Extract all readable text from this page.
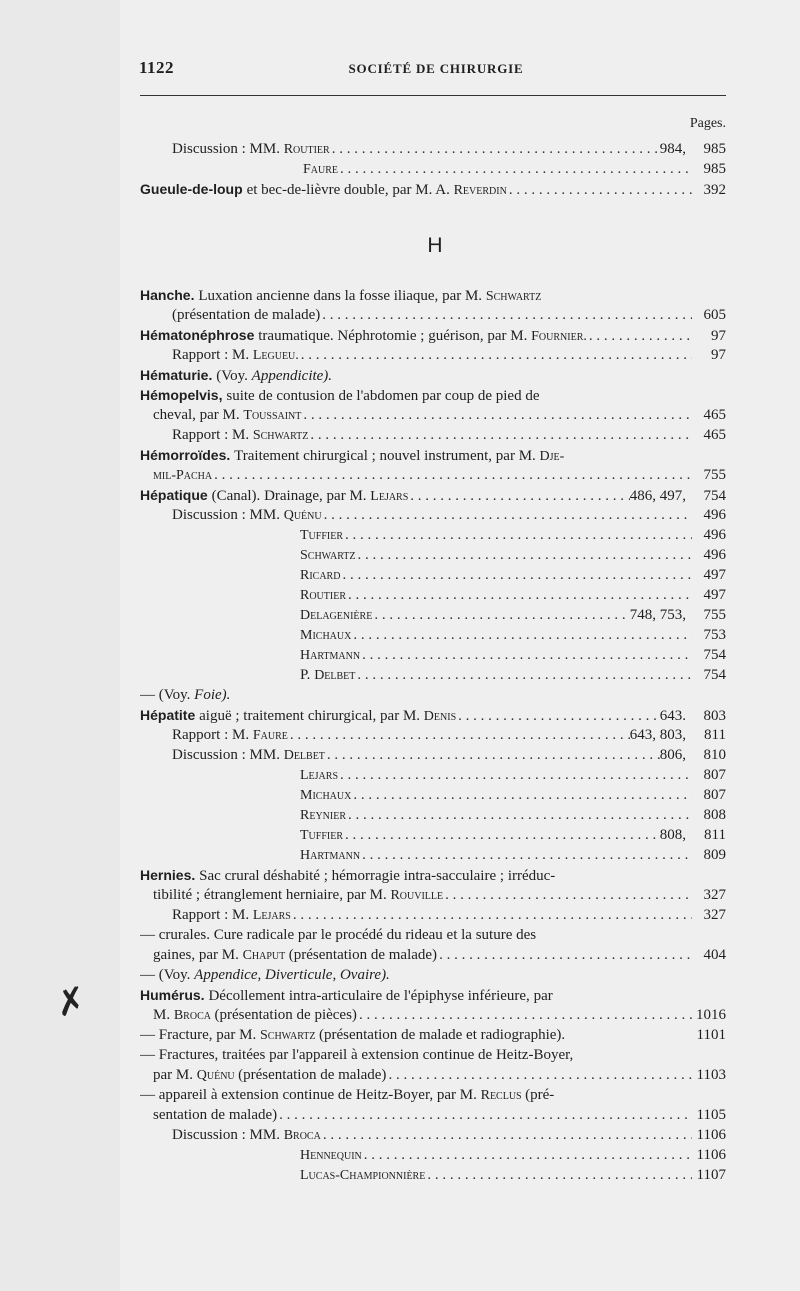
1122	SOCIÉTÉ DE CHIRURGIE
Pages.
H
✗
Discussion : MM. Routier . . .	984,	985
Faure . . .	985
Gueule-de-loup et bec-de-lièvre double, par M. A. Reverdin . . .	392
Hanche. Luxation ancienne dans la fosse iliaque, par M. Schwartz
(présentation de malade) . . .	605
Hématonéphrose traumatique. Néphrotomie ; guérison, par M. Fournier. . . .	97
Rapport : M. Legueu. . . .	97
Hématurie. (Voy. Appendicite).
Hémopelvis, suite de contusion de l'abdomen par coup de pied de
cheval, par M. Toussaint . . .	465
Rapport : M. Schwartz . . .	465
Hémorroïdes. Traitement chirurgical ; nouvel instrument, par M. Dje-
mil-Pacha . . .	755
Hépatique (Canal). Drainage, par M. Lejars . . .	486, 497,	754
Discussion : MM. Quénu . . .	496
Tuffier . . .	496
Schwartz . . .	496
Ricard . . .	497
Routier . . .	497
Delagenière . . .	748, 753,	755
Michaux . . .	753
Hartmann . . .	754
P. Delbet . . .	754
— (Voy. Foie).
Hépatite aiguë ; traitement chirurgical, par M. Denis . . .	643.	803
Rapport : M. Faure . . .	643, 803,	811
Discussion : MM. Delbet . . .	806,	810
Lejars . . .	807
Michaux . . .	807
Reynier . . .	808
Tuffier . . .	808,	811
Hartmann . . .	809
Hernies. Sac crural déshabité ; hémorragie intra-sacculaire ; irréduc-
tibilité ; étranglement herniaire, par M. Rouville . . .	327
Rapport : M. Lejars . . .	327
— crurales. Cure radicale par le procédé du rideau et la suture des
gaines, par M. Chaput (présentation de malade) . . .	404
— (Voy. Appendice, Diverticule, Ovaire).
Humérus. Décollement intra-articulaire de l'épiphyse inférieure, par
M. Broca (présentation de pièces) . . .	1016
— Fracture, par M. Schwartz (présentation de malade et radiographie).	1101
— Fractures, traitées par l'appareil à extension continue de Heitz-Boyer,
par M. Quénu (présentation de malade) . . .	1103
— appareil à extension continue de Heitz-Boyer, par M. Reclus (pré-
sentation de malade) . . .	1105
Discussion : MM. Broca . . .	1106
Hennequin . . .	1106
Lucas-Championnière . . .	1107
